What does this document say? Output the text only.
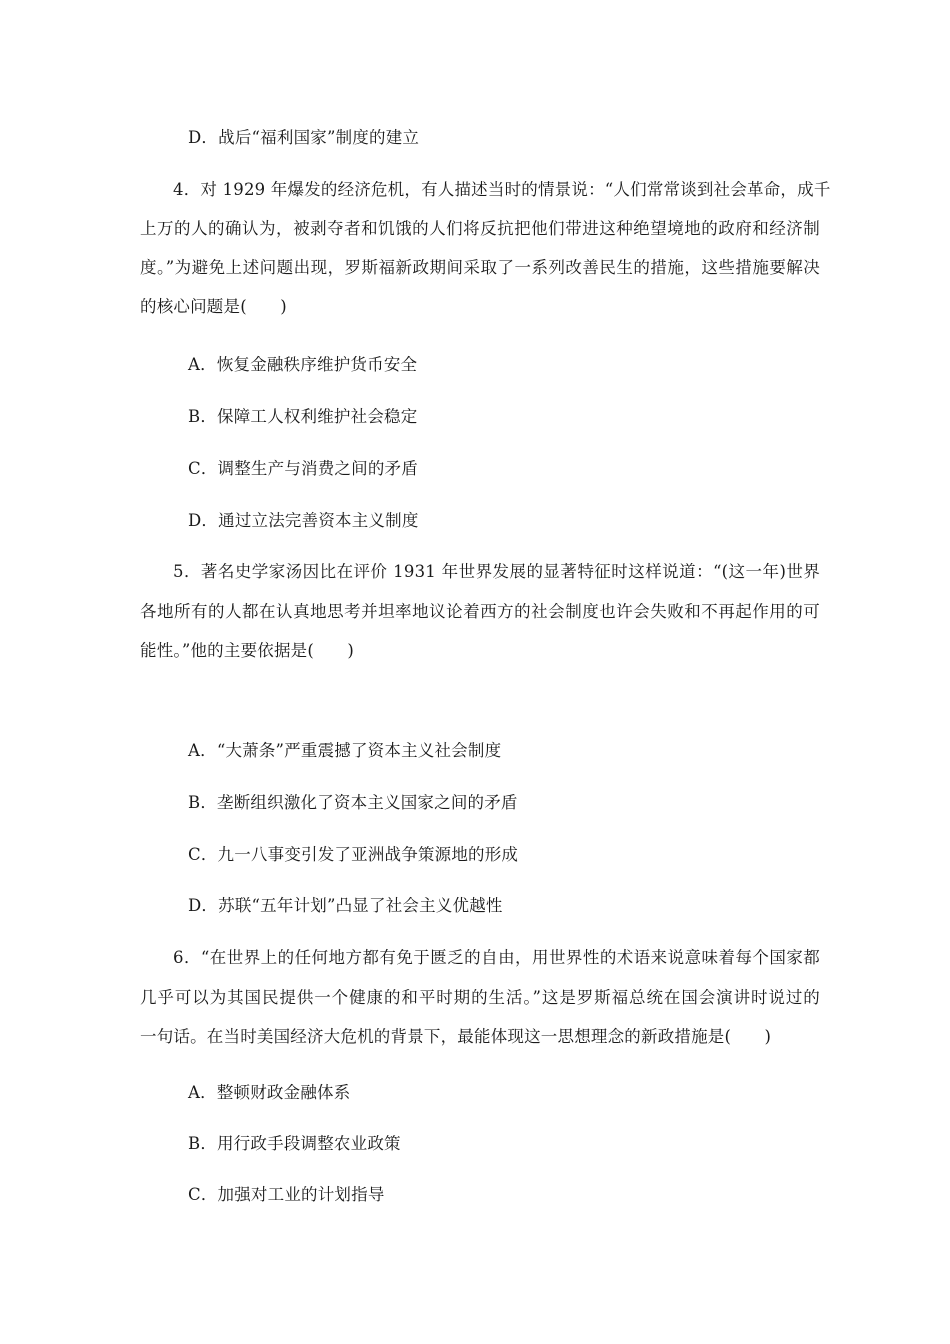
D．战后“福利国家”制度的建立
4．对 1929 年爆发的经济危机，有人描述当时的情景说：“人们常常谈到社会革命，成千
上万的人的确认为，被剥夺者和饥饿的人们将反抗把他们带进这种绝望境地的政府和经济制
度。”为避免上述问题出现，罗斯福新政期间采取了一系列改善民生的措施，这些措施要解决
的核心问题是(　　)
A．恢复金融秩序维护货币安全
B．保障工人权利维护社会稳定
C．调整生产与消费之间的矛盾
D．通过立法完善资本主义制度
5．著名史学家汤因比在评价 1931 年世界发展的显著特征时这样说道：“(这一年)世界
各地所有的人都在认真地思考并坦率地议论着西方的社会制度也许会失败和不再起作用的可
能性。”他的主要依据是(　　)
A．“大萧条”严重震撼了资本主义社会制度
B．垄断组织激化了资本主义国家之间的矛盾
C．九一八事变引发了亚洲战争策源地的形成
D．苏联“五年计划”凸显了社会主义优越性
6．“在世界上的任何地方都有免于匮乏的自由，用世界性的术语来说意味着每个国家都
几乎可以为其国民提供一个健康的和平时期的生活。”这是罗斯福总统在国会演讲时说过的
一句话。在当时美国经济大危机的背景下，最能体现这一思想理念的新政措施是(　　)
A．整顿财政金融体系
B．用行政手段调整农业政策
C．加强对工业的计划指导
